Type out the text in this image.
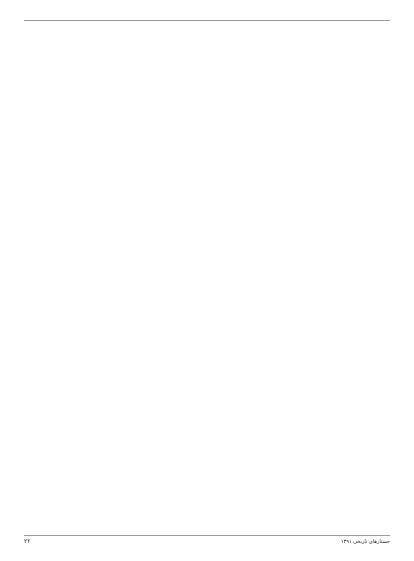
جستارهای تاریخی ۱۳۹۱
۲۲
